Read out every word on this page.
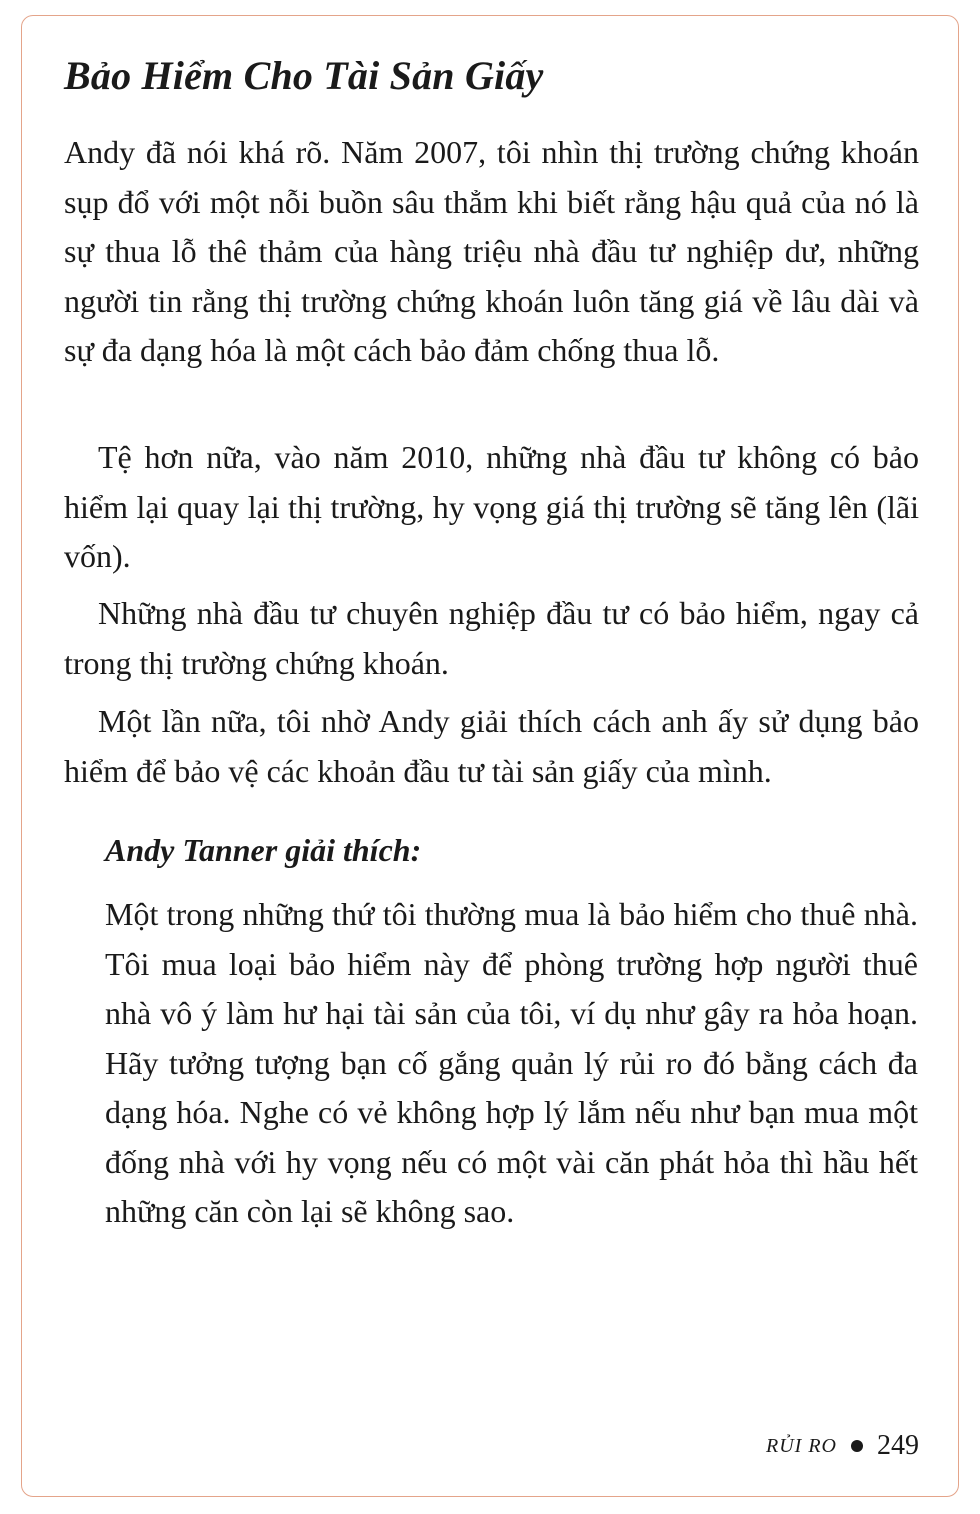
Bảo Hiểm Cho Tài Sản Giấy

Andy đã nói khá rõ. Năm 2007, tôi nhìn thị trường chứng khoán sụp đổ với một nỗi buồn sâu thẳm khi biết rằng hậu quả của nó là sự thua lỗ thê thảm của hàng triệu nhà đầu tư nghiệp dư, những người tin rằng thị trường chứng khoán luôn tăng giá về lâu dài và sự đa dạng hóa là một cách bảo đảm chống thua lỗ.

Tệ hơn nữa, vào năm 2010, những nhà đầu tư không có bảo hiểm lại quay lại thị trường, hy vọng giá thị trường sẽ tăng lên (lãi vốn).

Những nhà đầu tư chuyên nghiệp đầu tư có bảo hiểm, ngay cả trong thị trường chứng khoán.

Một lần nữa, tôi nhờ Andy giải thích cách anh ấy sử dụng bảo hiểm để bảo vệ các khoản đầu tư tài sản giấy của mình.

Andy Tanner giải thích:

Một trong những thứ tôi thường mua là bảo hiểm cho thuê nhà. Tôi mua loại bảo hiểm này để phòng trường hợp người thuê nhà vô ý làm hư hại tài sản của tôi, ví dụ như gây ra hỏa hoạn. Hãy tưởng tượng bạn cố gắng quản lý rủi ro đó bằng cách đa dạng hóa. Nghe có vẻ không hợp lý lắm nếu như bạn mua một đống nhà với hy vọng nếu có một vài căn phát hỏa thì hầu hết những căn còn lại sẽ không sao.

RỦI RO 249
